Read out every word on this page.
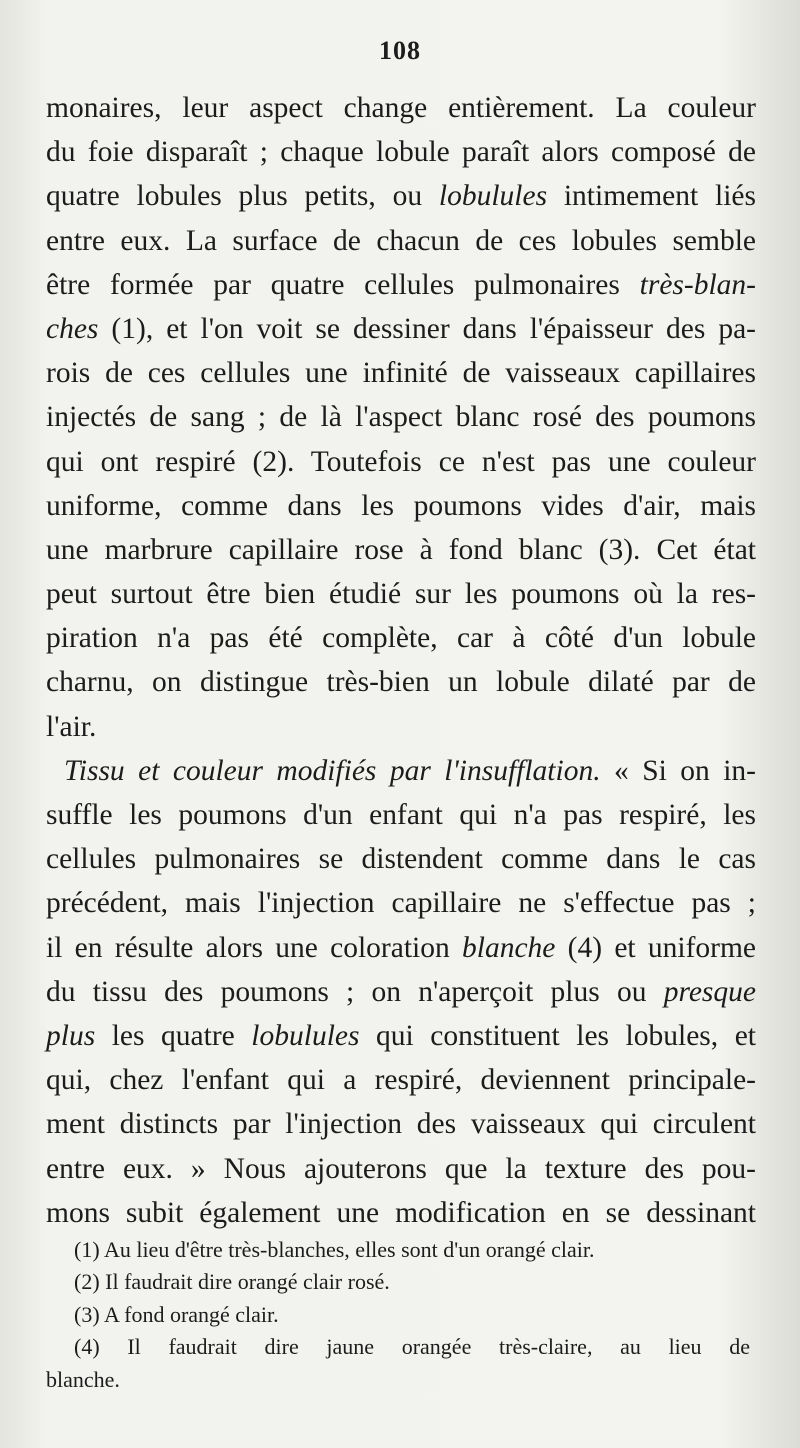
108
monaires, leur aspect change entièrement. La couleur
du foie disparaît ; chaque lobule paraît alors composé de
quatre lobules plus petits, ou lobulules intimement liés
entre eux. La surface de chacun de ces lobules semble
être formée par quatre cellules pulmonaires très-blan-
ches (1), et l'on voit se dessiner dans l'épaisseur des pa-
rois de ces cellules une infinité de vaisseaux capillaires
injectés de sang ; de là l'aspect blanc rosé des poumons
qui ont respiré (2). Toutefois ce n'est pas une couleur
uniforme, comme dans les poumons vides d'air, mais
une marbrure capillaire rose à fond blanc (3). Cet état
peut surtout être bien étudié sur les poumons où la res-
piration n'a pas été complète, car à côté d'un lobule
charnu, on distingue très-bien un lobule dilaté par de
l'air.
Tissu et couleur modifiés par l'insufflation. « Si on in-
suffle les poumons d'un enfant qui n'a pas respiré, les
cellules pulmonaires se distendent comme dans le cas
précédent, mais l'injection capillaire ne s'effectue pas ;
il en résulte alors une coloration blanche (4) et uniforme
du tissu des poumons ; on n'aperçoit plus ou presque
plus les quatre lobulules qui constituent les lobules, et
qui, chez l'enfant qui a respiré, deviennent principale-
ment distincts par l'injection des vaisseaux qui circulent
entre eux. » Nous ajouterons que la texture des pou-
mons subit également une modification en se dessinant
(1) Au lieu d'être très-blanches, elles sont d'un orangé clair.
(2) Il faudrait dire orangé clair rosé.
(3) A fond orangé clair.
(4) Il faudrait dire jaune orangée très-claire, au lieu de
blanche.
